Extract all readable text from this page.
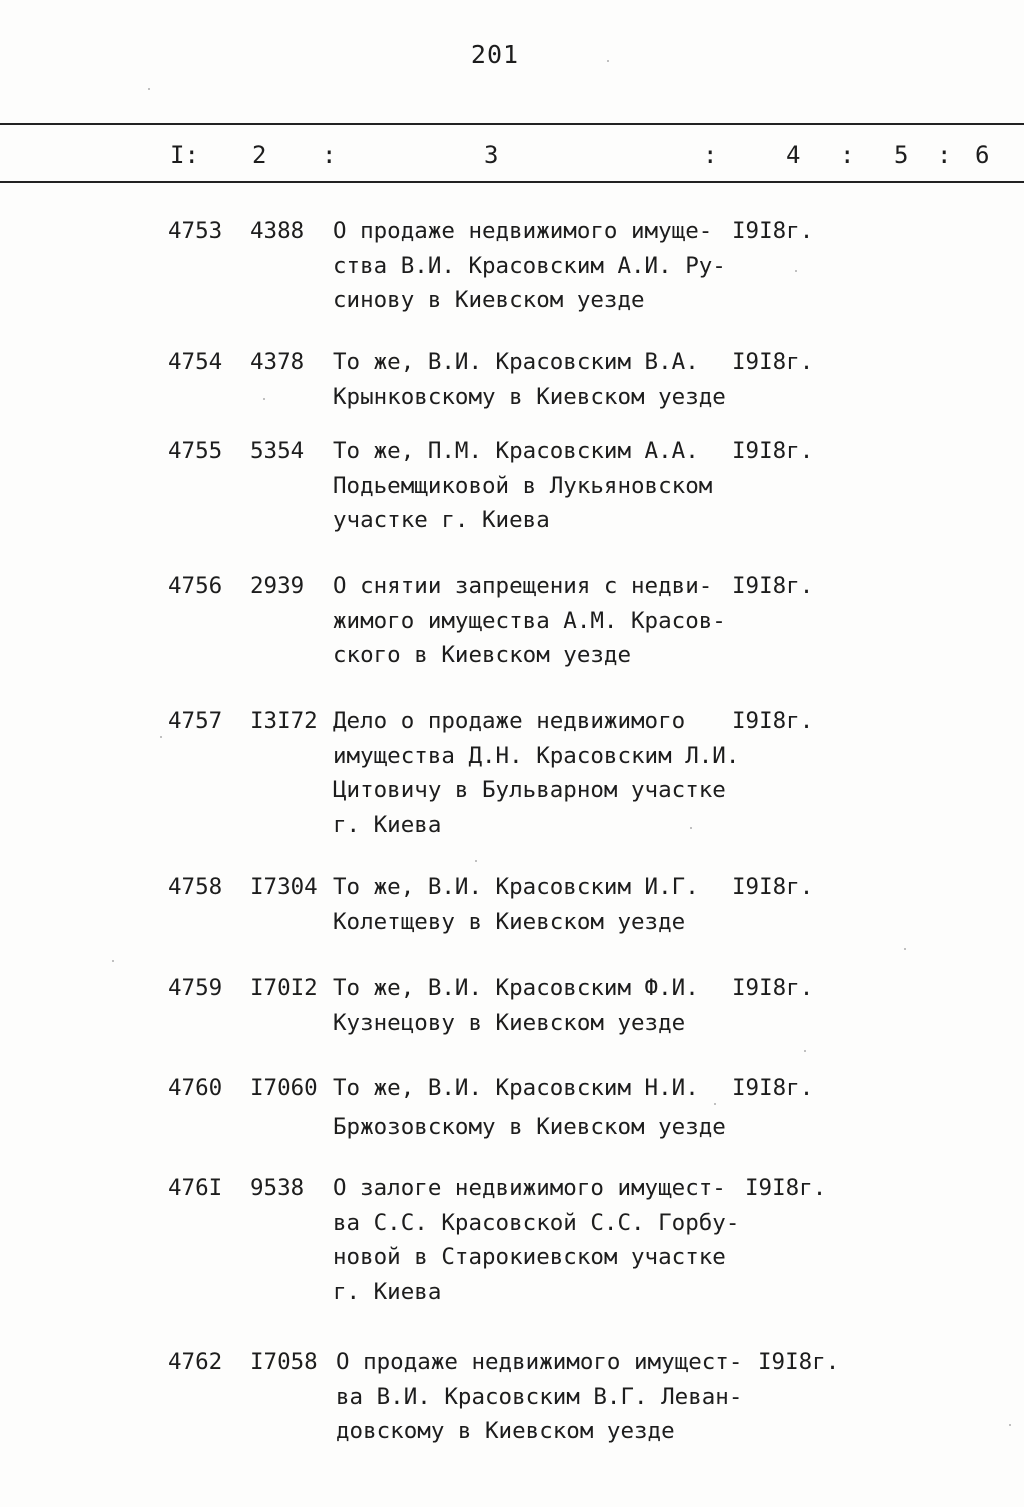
201
I: 2 :	3	:	4 : 5 : 6
4753 4388 О продаже недвижимого имуще-
ства В.И. Красовским А.И. Ру-
синову в Киевском уезде
I9I8г.
4754 4378 То же, В.И. Красовским В.А.
Крынковскому в Киевском уезде
I9I8г.
4755 5354 То же, П.М. Красовским А.А.
Подьемщиковой в Лукьяновском
участке г. Киева
I9I8г.
4756 2939 О снятии запрещения с недви-
жимого имущества А.М. Красов-
ского в Киевском уезде
I9I8г.
4757 I3I72 Дело о продаже недвижимого
имущества Д.Н. Красовским Л.И.
Цитовичу в Бульварном участке
г. Киева
I9I8г.
4758 I7304 То же, В.И. Красовским И.Г.
Колетщеву в Киевском уезде
I9I8г.
4759 I70I2 То же, В.И. Красовским Ф.И.
Кузнецову в Киевском уезде
I9I8г.
4760 I7060 То же, В.И. Красовским Н.И.
Бржозовскому в Киевском уезде
I9I8г.
476I 9538 О залоге недвижимого имущест-
ва С.С. Красовской С.С. Горбу-
новой в Старокиевском участке
г. Киева
I9I8г.
4762 I7058 О продаже недвижимого имущест-
ва В.И. Красовским В.Г. Леван-
довскому в Киевском уезде
I9I8г.
